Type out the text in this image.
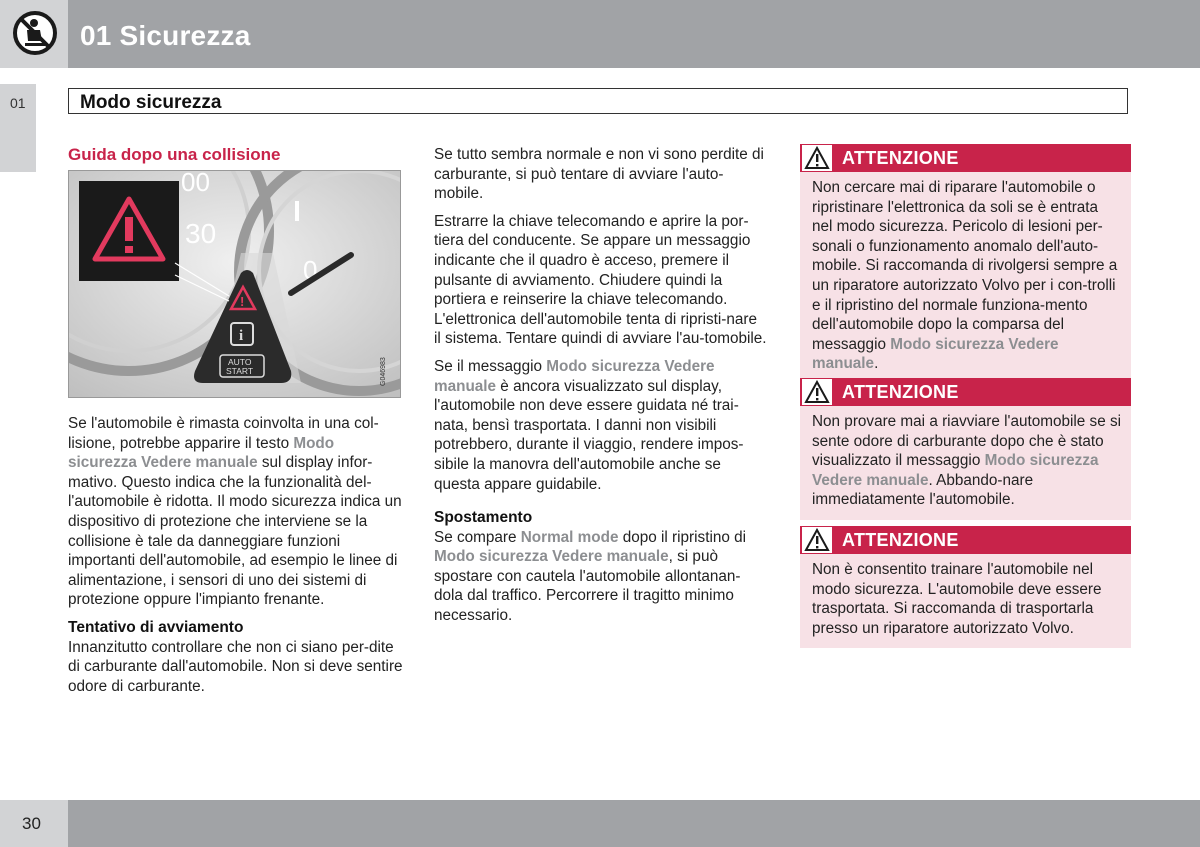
01 Sicurezza
01	Modo sicurezza
Guida dopo una collisione
30
00
0
!
i
AUTO
START	G046983

Se l'automobile è rimasta coinvolta in una col-lisione, potrebbe apparire il testo Modo sicurezza Vedere manuale sul display infor-mativo. Questo indica che la funzionalità del-l'automobile è ridotta. Il modo sicurezza indica un dispositivo di protezione che interviene se la collisione è tale da danneggiare funzioni importanti dell'automobile, ad esempio le linee di alimentazione, i sensori di uno dei sistemi di protezione oppure l'impianto frenante.

Tentativo di avviamento

Innanzitutto controllare che non ci siano per-dite di carburante dall'automobile. Non si deve sentire odore di carburante.

Se tutto sembra normale e non vi sono perdite di carburante, si può tentare di avviare l'auto-mobile.

Estrarre la chiave telecomando e aprire la por-tiera del conducente. Se appare un messaggio indicante che il quadro è acceso, premere il pulsante di avviamento. Chiudere quindi la portiera e reinserire la chiave telecomando. L'elettronica dell'automobile tenta di ripristi-nare il sistema. Tentare quindi di avviare l'au-tomobile.

Se il messaggio Modo sicurezza Vedere manuale è ancora visualizzato sul display, l'automobile non deve essere guidata né trai-nata, bensì trasportata. I danni non visibili potrebbero, durante il viaggio, rendere impos-sibile la manovra dell'automobile anche se questa appare guidabile.

Spostamento

Se compare Normal mode dopo il ripristino di Modo sicurezza Vedere manuale, si può spostare con cautela l'automobile allontanan-dola dal traffico. Percorrere il tragitto minimo necessario.

ATTENZIONE
Non cercare mai di riparare l'automobile o ripristinare l'elettronica da soli se è entrata nel modo sicurezza. Pericolo di lesioni per-sonali o funzionamento anomalo dell'auto-mobile. Si raccomanda di rivolgersi sempre a un riparatore autorizzato Volvo per i con-trolli e il ripristino del normale funziona-mento dell'automobile dopo la comparsa del messaggio Modo sicurezza Vedere manuale.
ATTENZIONE
Non provare mai a riavviare l'automobile se si sente odore di carburante dopo che è stato visualizzato il messaggio Modo sicurezza Vedere manuale. Abbando-nare immediatamente l'automobile.
ATTENZIONE
Non è consentito trainare l'automobile nel modo sicurezza. L'automobile deve essere trasportata. Si raccomanda di trasportarla presso un riparatore autorizzato Volvo.
30
